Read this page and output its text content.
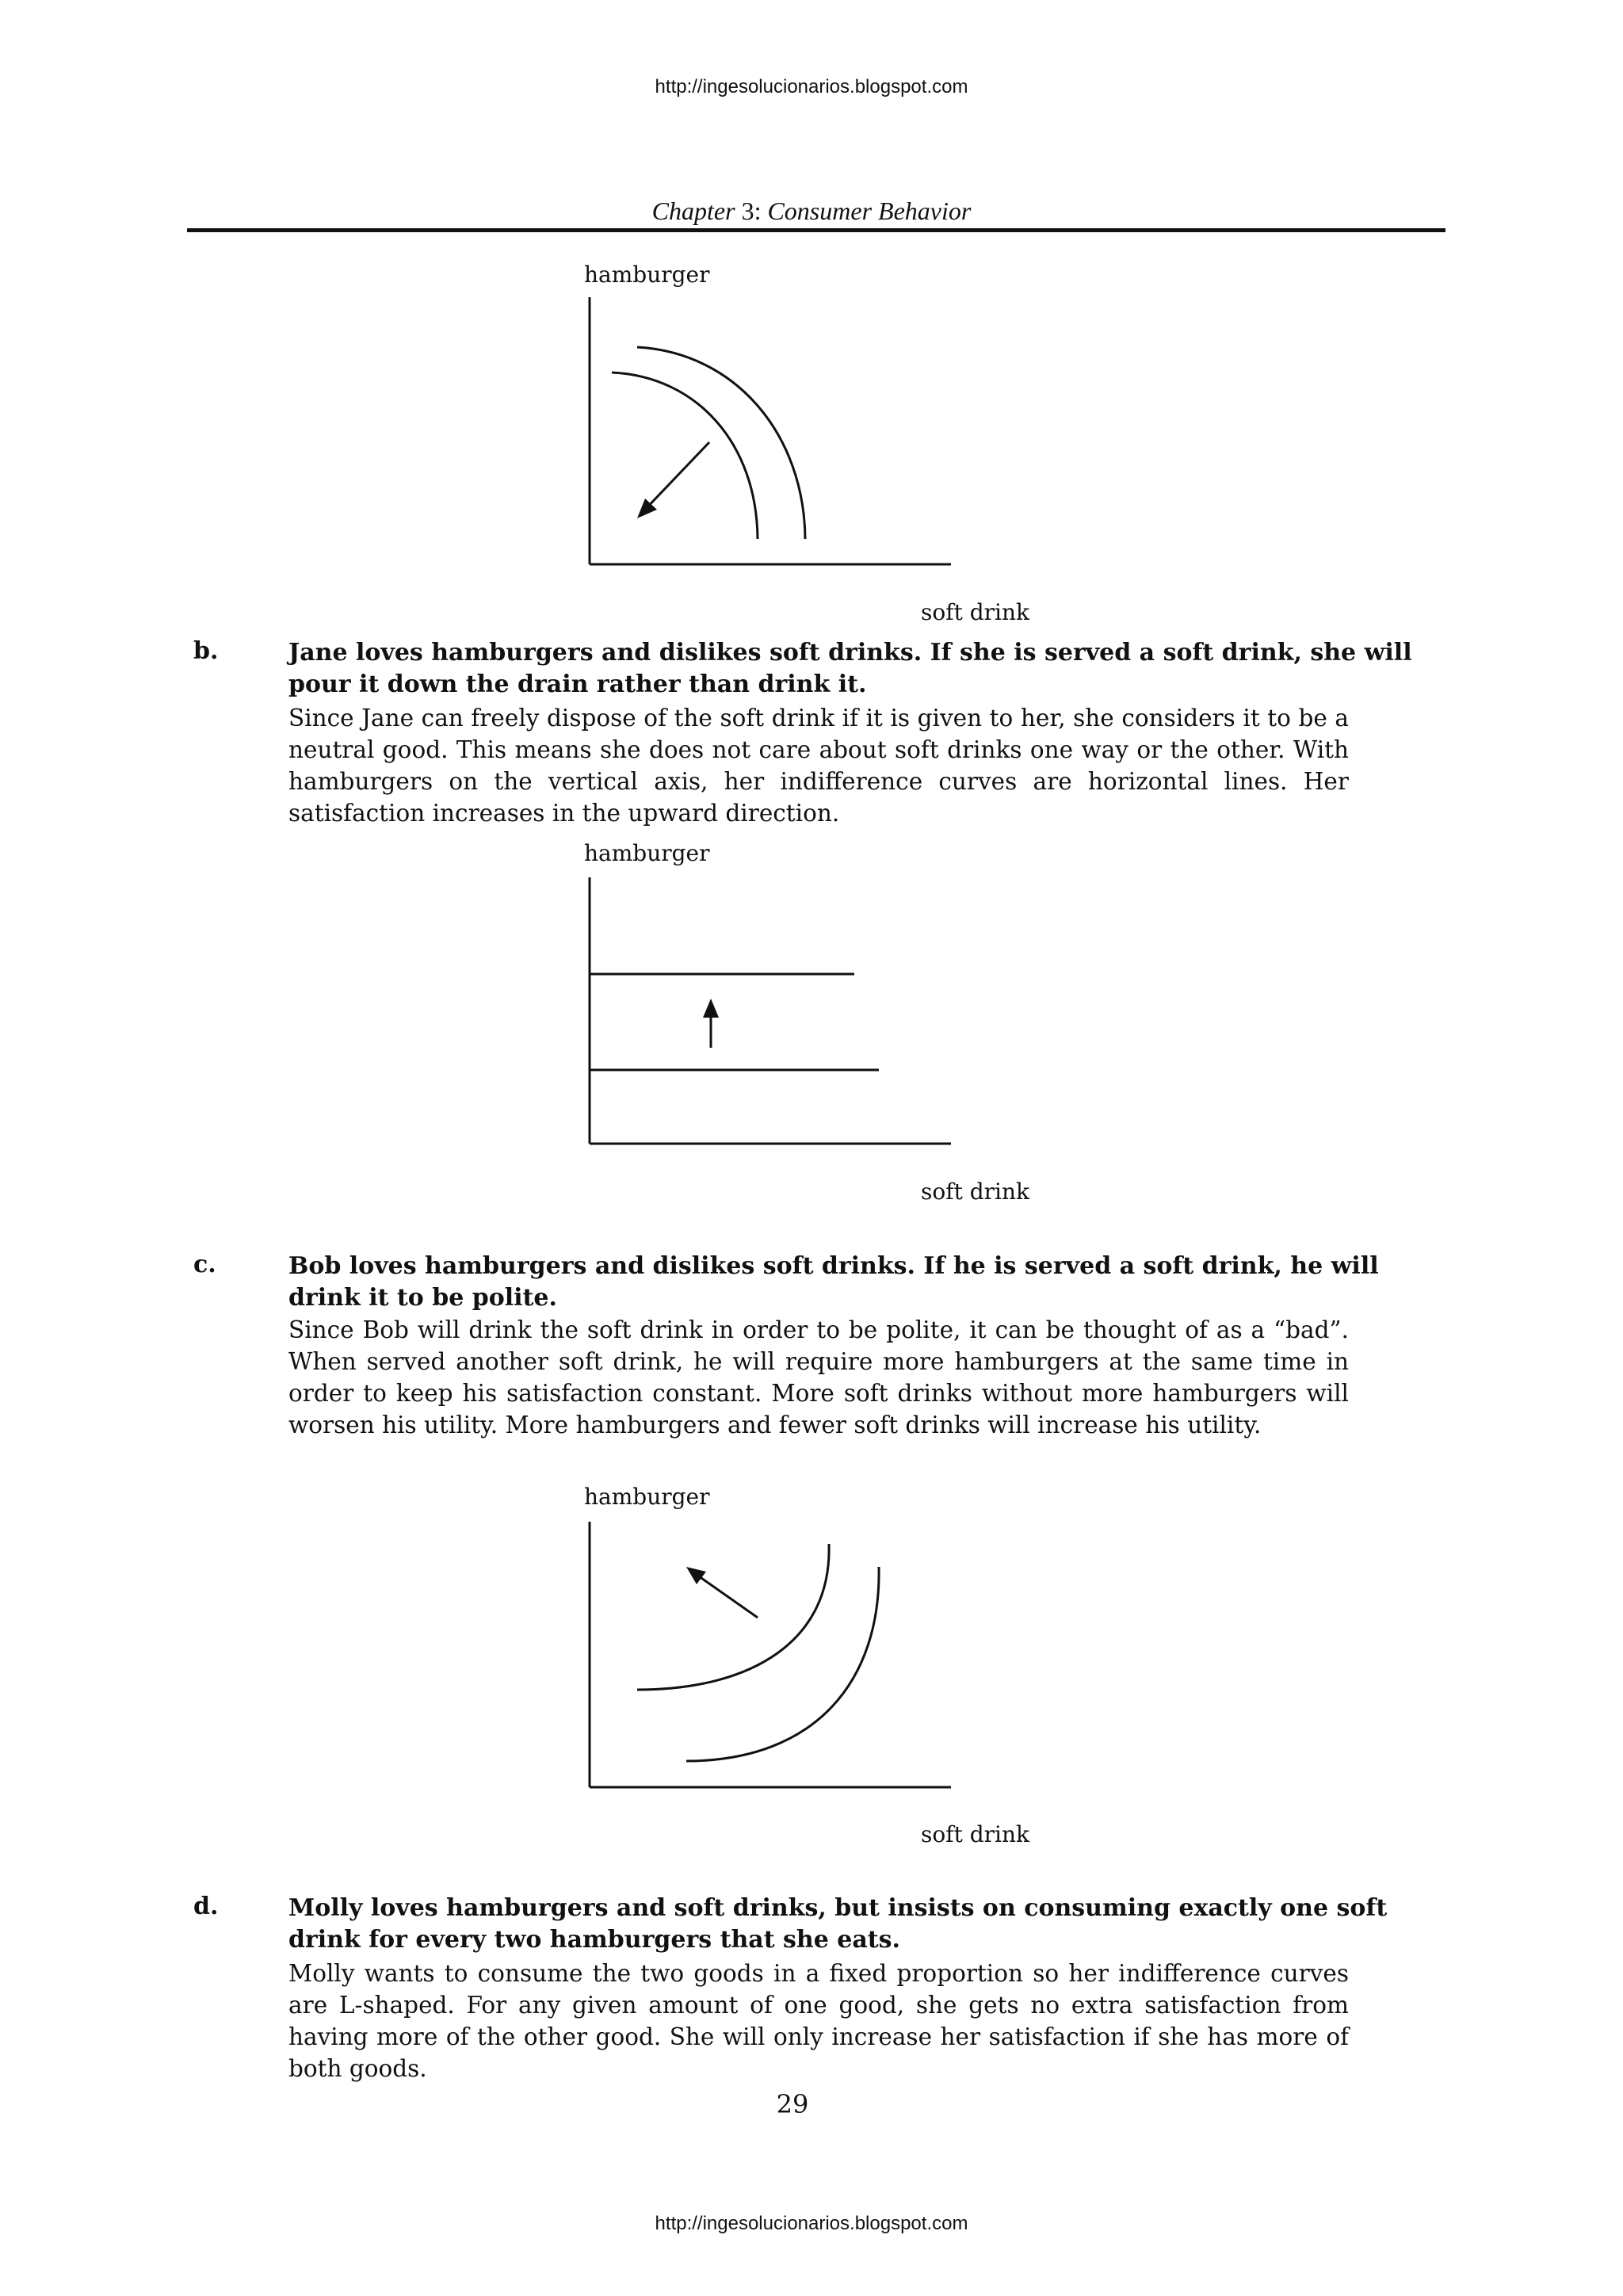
http://ingesolucionarios.blogspot.com
Chapter 3: Consumer Behavior
hamburger
soft drink
b.	Jane loves hamburgers and dislikes soft drinks. If she is served a soft drink, she will pour it down the drain rather than drink it.
Since Jane can freely dispose of the soft drink if it is given to her, she considers it to be a neutral good. This means she does not care about soft drinks one way or the other. With hamburgers on the vertical axis, her indifference curves are horizontal lines. Her satisfaction increases in the upward direction.
hamburger
soft drink
c.	Bob loves hamburgers and dislikes soft drinks. If he is served a soft drink, he will drink it to be polite.
Since Bob will drink the soft drink in order to be polite, it can be thought of as a “bad”. When served another soft drink, he will require more hamburgers at the same time in order to keep his satisfaction constant. More soft drinks without more hamburgers will worsen his utility. More hamburgers and fewer soft drinks will increase his utility.
hamburger
soft drink
d.	Molly loves hamburgers and soft drinks, but insists on consuming exactly one soft drink for every two hamburgers that she eats.
Molly wants to consume the two goods in a fixed proportion so her indifference curves are L-shaped. For any given amount of one good, she gets no extra satisfaction from having more of the other good. She will only increase her satisfaction if she has more of both goods.
29
http://ingesolucionarios.blogspot.com
